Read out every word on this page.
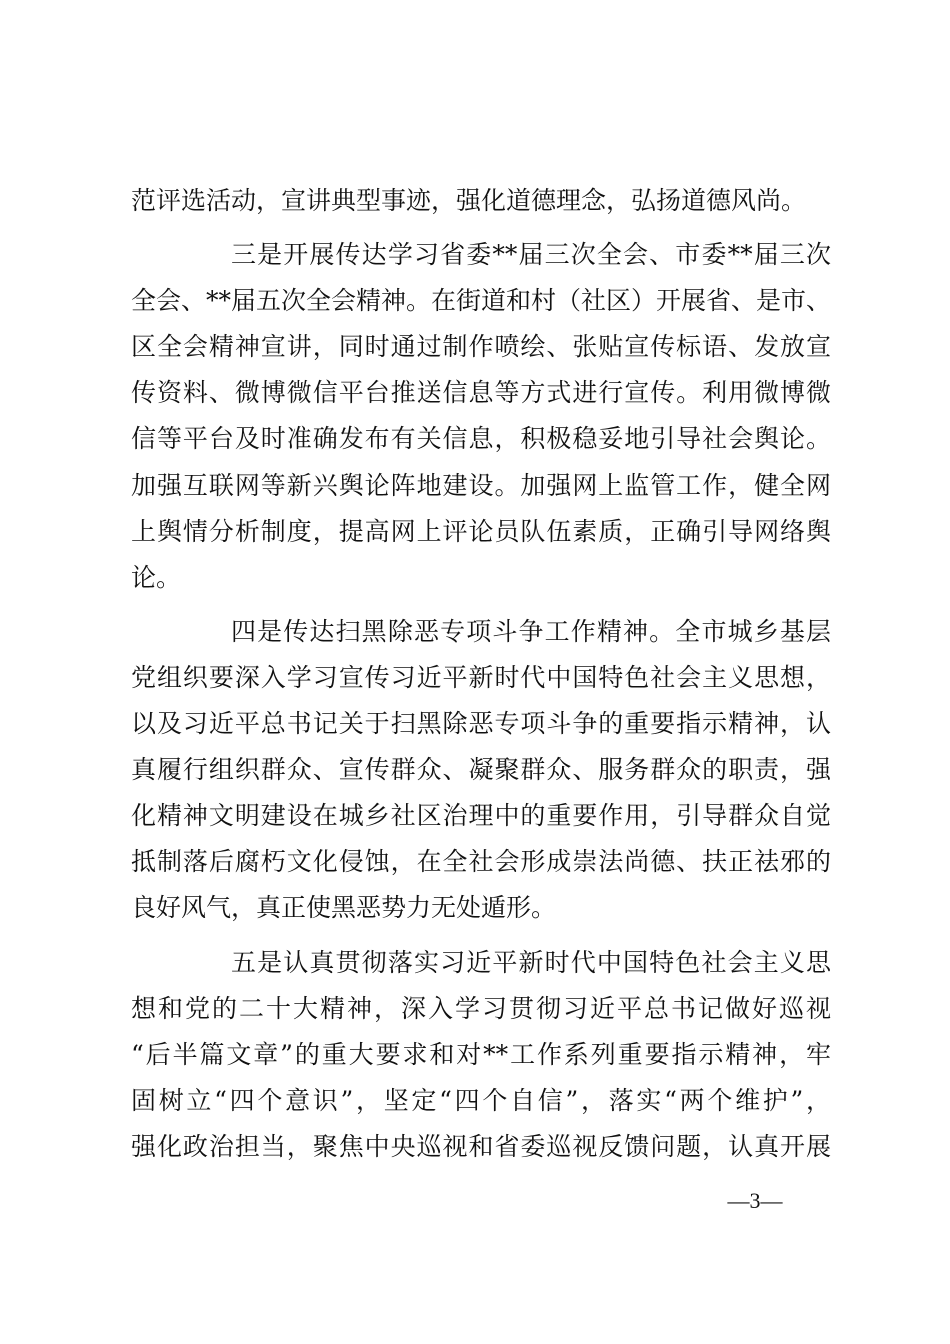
范评选活动，宣讲典型事迹，强化道德理念，弘扬道德风尚。
三是开展传达学习省委**届三次全会、市委**届三次
全会、**届五次全会精神。在街道和村（社区）开展省、是市、
区全会精神宣讲，同时通过制作喷绘、张贴宣传标语、发放宣
传资料、微博微信平台推送信息等方式进行宣传。利用微博微
信等平台及时准确发布有关信息，积极稳妥地引导社会舆论。
加强互联网等新兴舆论阵地建设。加强网上监管工作，健全网
上舆情分析制度，提高网上评论员队伍素质，正确引导网络舆
论。
四是传达扫黑除恶专项斗争工作精神。全市城乡基层
党组织要深入学习宣传习近平新时代中国特色社会主义思想，
以及习近平总书记关于扫黑除恶专项斗争的重要指示精神，认
真履行组织群众、宣传群众、凝聚群众、服务群众的职责，强
化精神文明建设在城乡社区治理中的重要作用，引导群众自觉
抵制落后腐朽文化侵蚀，在全社会形成崇法尚德、扶正祛邪的
良好风气，真正使黑恶势力无处遁形。
五是认真贯彻落实习近平新时代中国特色社会主义思
想和党的二十大精神，深入学习贯彻习近平总书记做好巡视
“后半篇文章”的重大要求和对**工作系列重要指示精神，牢
固树立“四个意识”，坚定“四个自信”，落实“两个维护”，
强化政治担当，聚焦中央巡视和省委巡视反馈问题，认真开展
—3—
